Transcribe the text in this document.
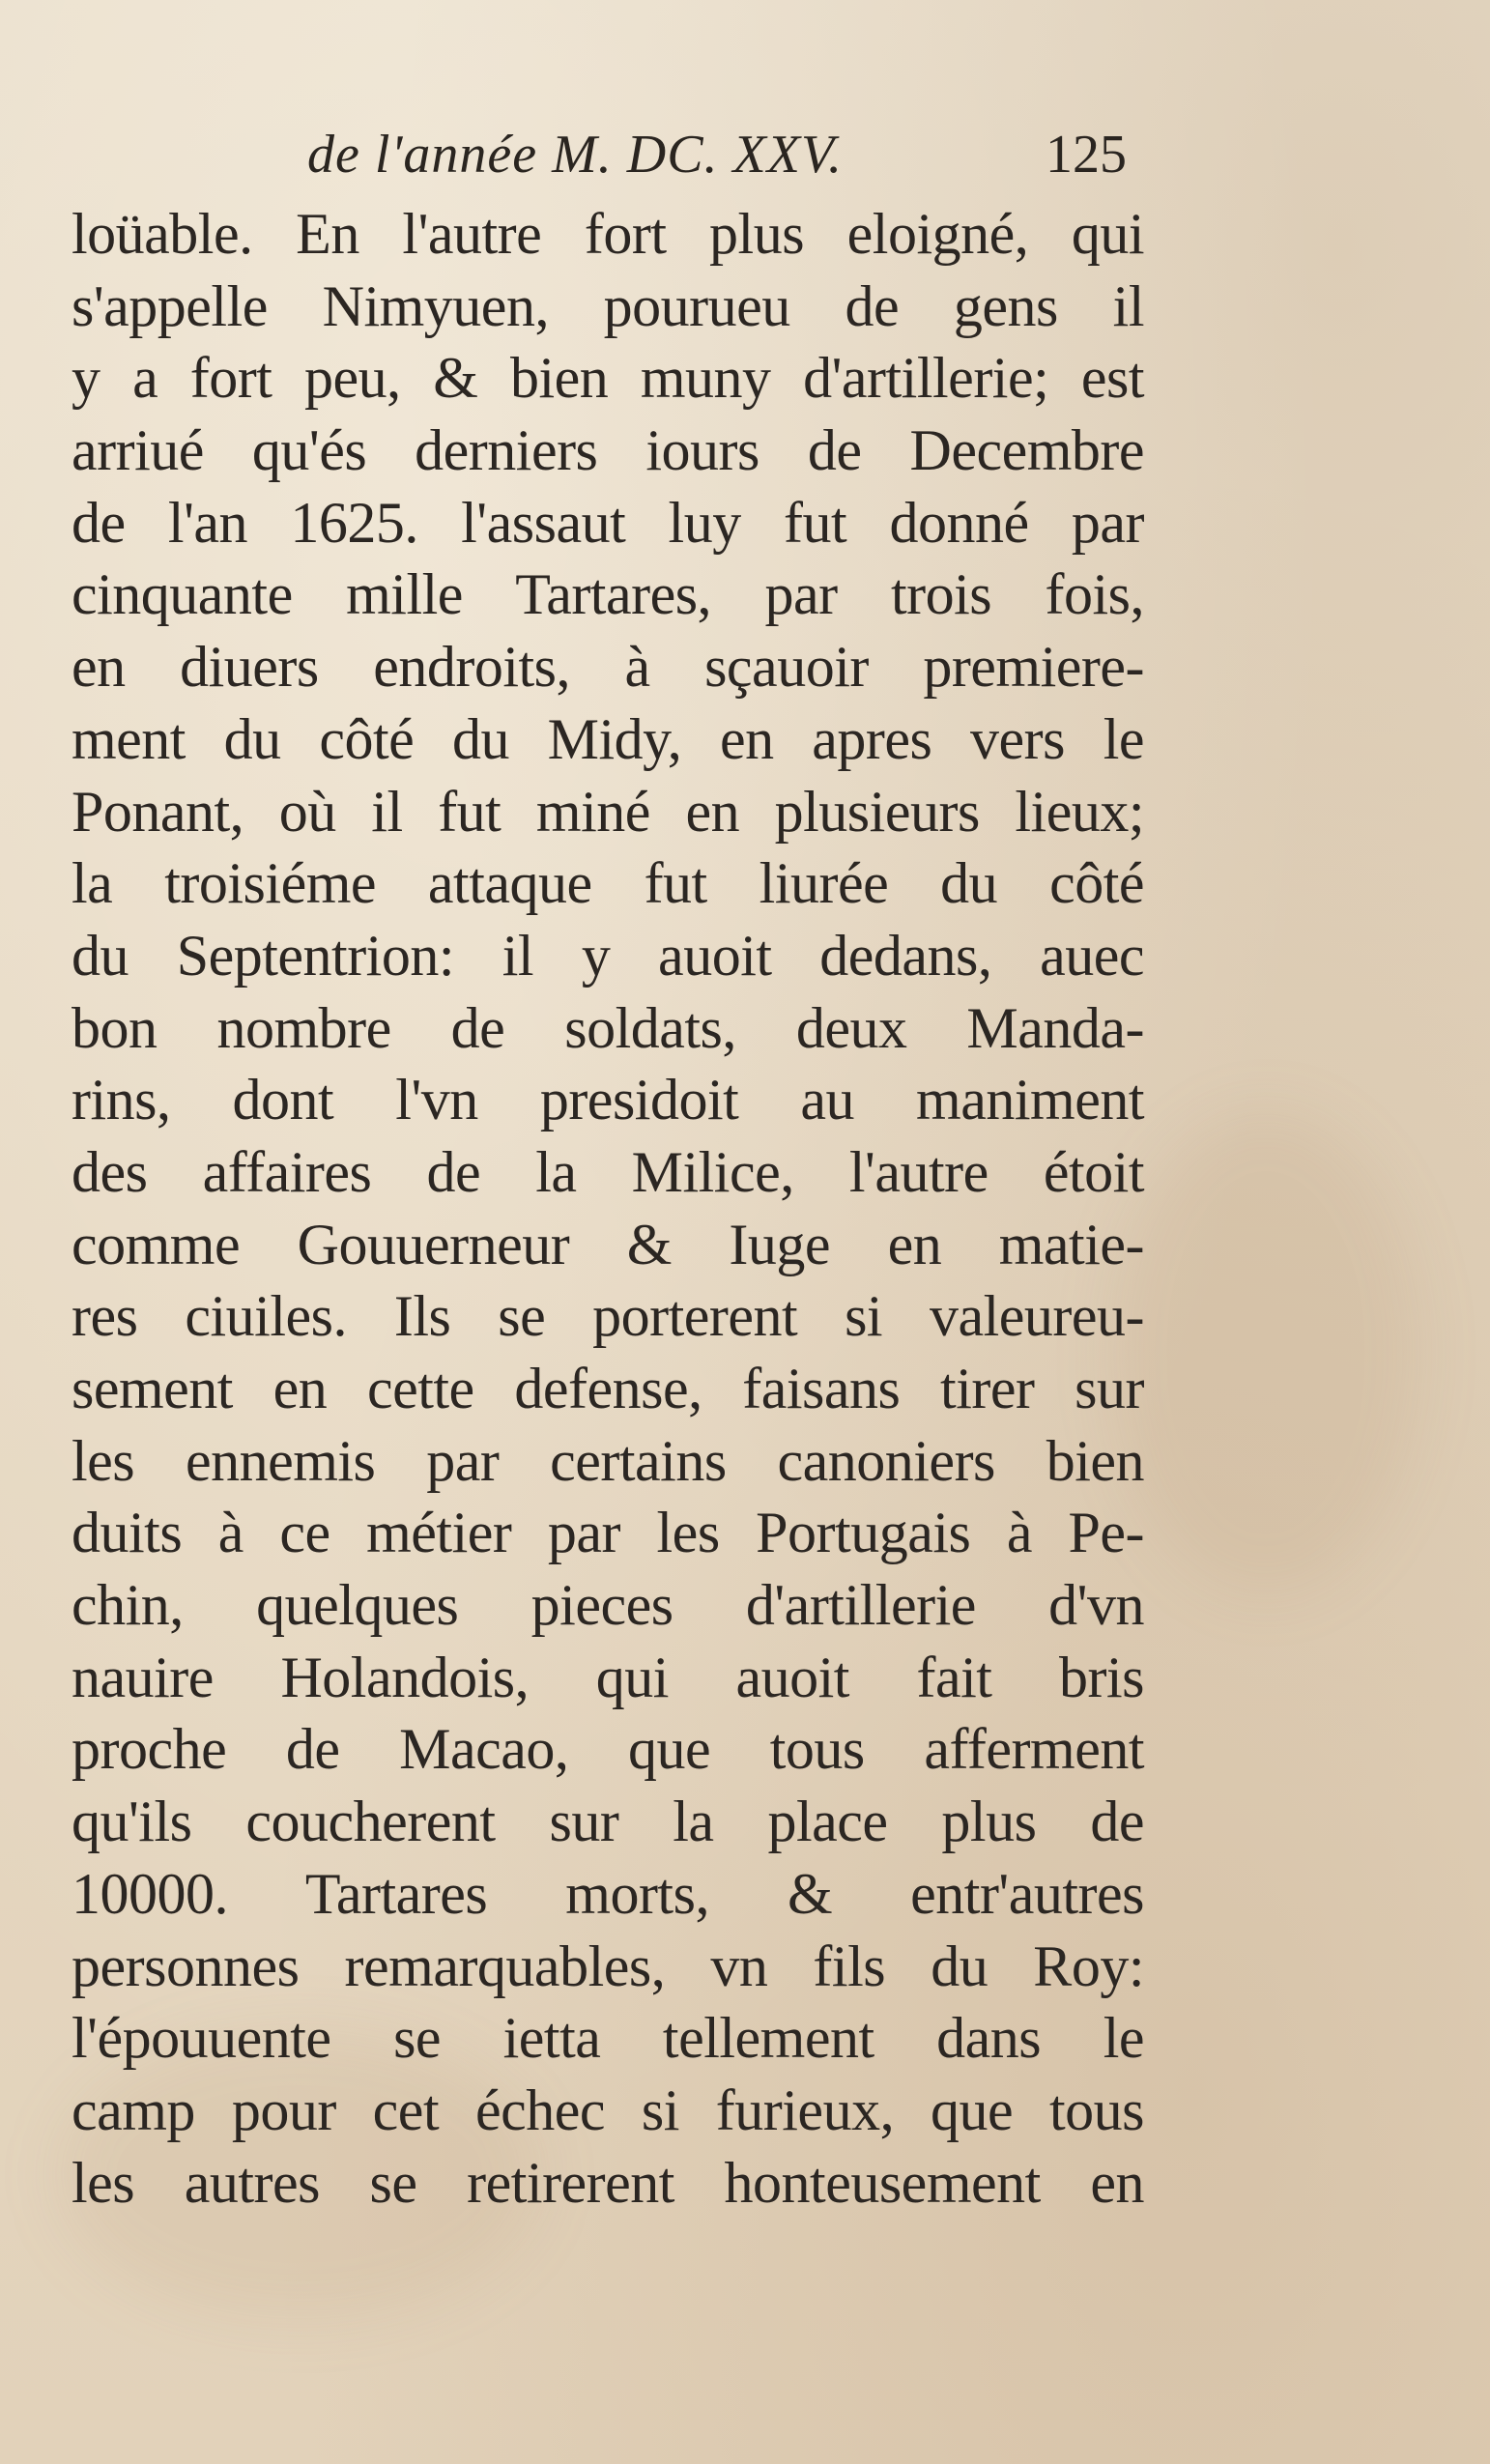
de l'année M. DC. XXV.	125
loüable. En l'autre fort plus eloigné, qui
s'appelle Nimyuen, pourueu de gens il
y a fort peu, & bien muny d'artillerie; est
arriué qu'és derniers iours de Decembre
de l'an 1625. l'assaut luy fut donné par
cinquante mille Tartares, par trois fois,
en diuers endroits, à sçauoir premiere-
ment du côté du Midy, en apres vers le
Ponant, où il fut miné en plusieurs lieux;
la troisiéme attaque fut liurée du côté
du Septentrion: il y auoit dedans, auec
bon nombre de soldats, deux Manda-
rins, dont l'vn presidoit au maniment
des affaires de la Milice, l'autre étoit
comme Gouuerneur & Iuge en matie-
res ciuiles. Ils se porterent si valeureu-
sement en cette defense, faisans tirer sur
les ennemis par certains canoniers bien
duits à ce métier par les Portugais à Pe-
chin, quelques pieces d'artillerie d'vn
nauire Holandois, qui auoit fait bris
proche de Macao, que tous afferment
qu'ils coucherent sur la place plus de
10000. Tartares morts, & entr'autres
personnes remarquables, vn fils du Roy:
l'épouuente se ietta tellement dans le
camp pour cet échec si furieux, que tous
les autres se retirerent honteusement en
